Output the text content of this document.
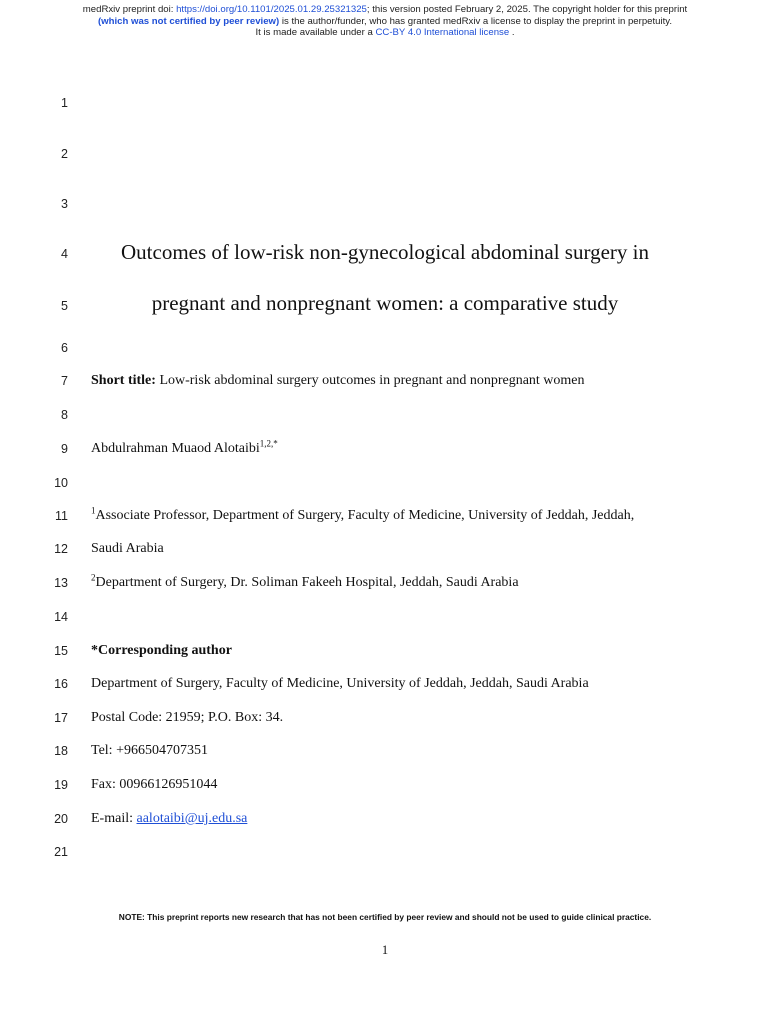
medRxiv preprint doi: https://doi.org/10.1101/2025.01.29.25321325; this version posted February 2, 2025. The copyright holder for this preprint
(which was not certified by peer review) is the author/funder, who has granted medRxiv a license to display the preprint in perpetuity.
It is made available under a CC-BY 4.0 International license .
1
2
3
4
5
6
7
8
9
10
11
12
13
14
15
16
17
18
19
20
21
Outcomes of low-risk non-gynecological abdominal surgery in
pregnant and nonpregnant women: a comparative study
Short title: Low-risk abdominal surgery outcomes in pregnant and nonpregnant women
Abdulrahman Muaod Alotaibi$^{1,2,*}$
$^1$Associate Professor, Department of Surgery, Faculty of Medicine, University of Jeddah, Jeddah,
Saudi Arabia
$^2$Department of Surgery, Dr. Soliman Fakeeh Hospital, Jeddah, Saudi Arabia
*Corresponding author
Department of Surgery, Faculty of Medicine, University of Jeddah, Jeddah, Saudi Arabia
Postal Code: 21959; P.O. Box: 34.
Tel: +966504707351
Fax: 00966126951044
E-mail: aalotaibi@uj.edu.sa
NOTE: This preprint reports new research that has not been certified by peer review and should not be used to guide clinical practice.
1
